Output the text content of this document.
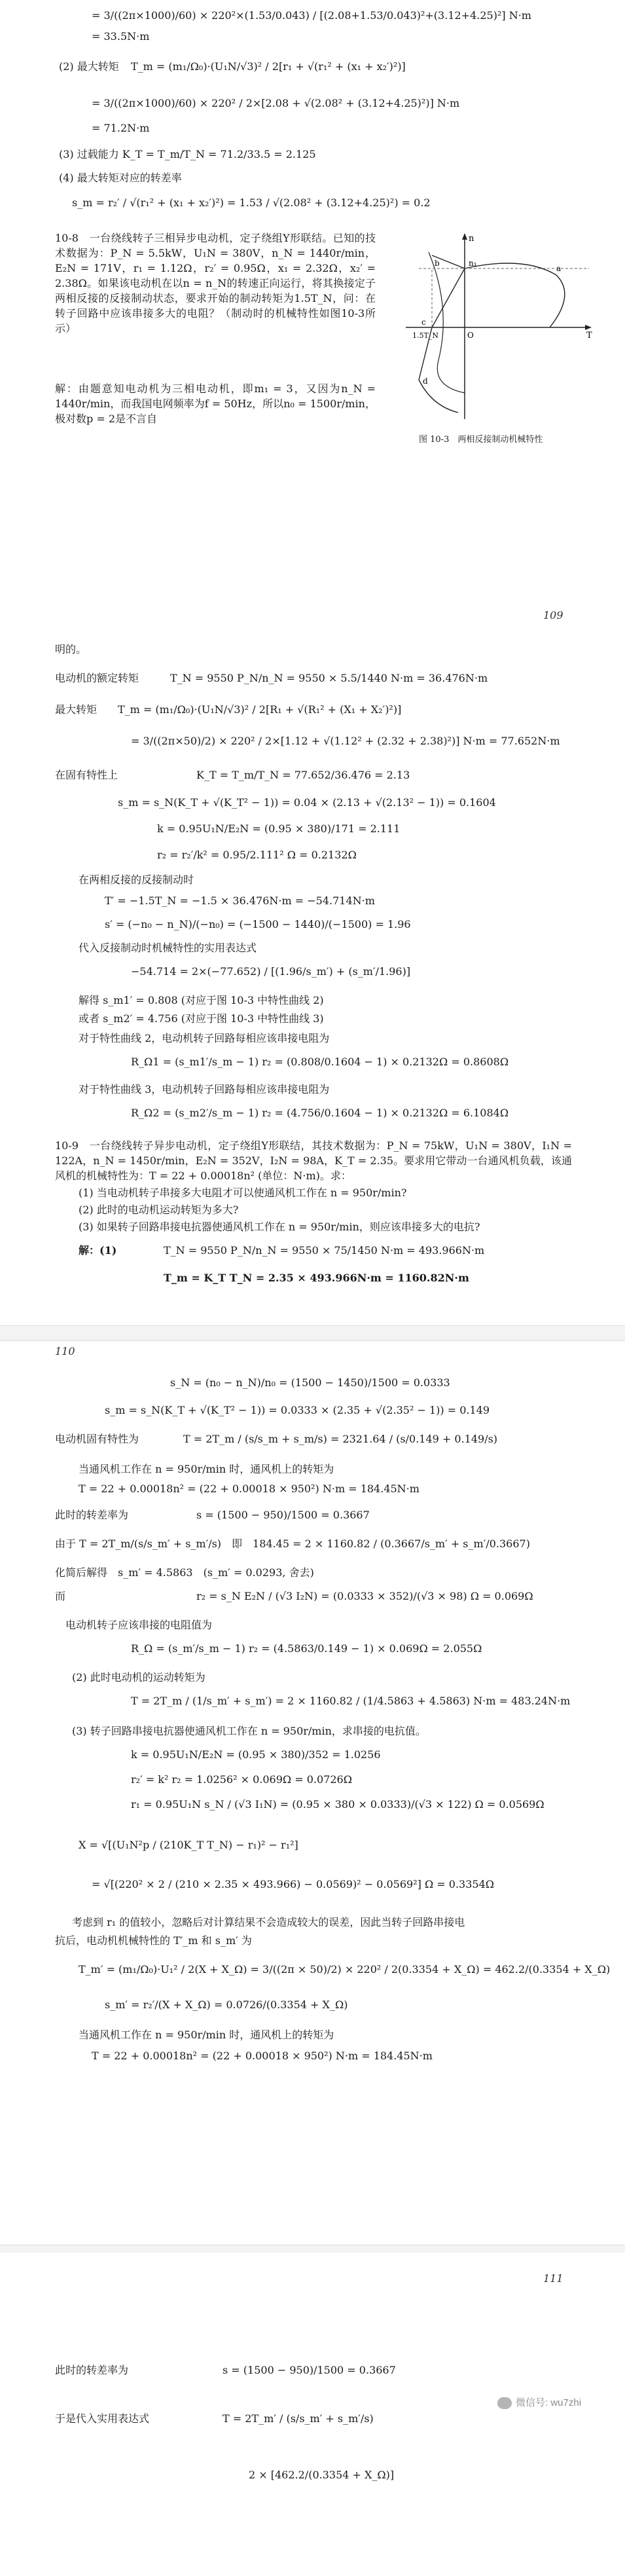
= 3/((2π×1000)/60) × 220²×(1.53/0.043) / [(2.08+1.53/0.043)²+(3.12+4.25)²] N·m
= 33.5N·m
(2) 最大转矩 T_m = (m₁/Ω₀)·(U₁N/√3)² / 2[r₁ + √(r₁² + (x₁ + x₂′)²)]
= 3/((2π×1000)/60) × 220² / 2×[2.08 + √(2.08² + (3.12+4.25)²)] N·m
= 71.2N·m
(3) 过载能力 K_T = T_m/T_N = 71.2/33.5 = 2.125
(4) 最大转矩对应的转差率
s_m = r₂′ / √(r₁² + (x₁ + x₂′)²) = 1.53 / √(2.08² + (3.12+4.25)²) = 0.2
10-8　一台绕线转子三相异步电动机，定子绕组Y形联结。已知的技术数据为：P_N = 5.5kW，U₁N = 380V，n_N = 1440r/min，E₂N = 171V，r₁ = 1.12Ω，r₂′ = 0.95Ω，x₁ = 2.32Ω，x₂′ = 2.38Ω。如果该电动机在以n = n_N的转速正向运行，将其换接定子两相反接的反接制动状态，要求开始的制动转矩为1.5T_N，问：在转子回路中应该串接多大的电阻？（制动时的机械特性如图10-3所示）
解：由题意知电动机为三相电动机，即m₁ = 3，又因为n_N = 1440r/min，而我国电网频率为f = 50Hz，所以n₀ = 1500r/min，极对数p = 2是不言自
n
n₁
T
1.5T_N	O
a
b
c
d
图 10-3　两相反接制动机械特性
109
明的。
电动机的额定转矩	T_N = 9550 P_N/n_N = 9550 × 5.5/1440 N·m = 36.476N·m
最大转矩 T_m = (m₁/Ω₀)·(U₁N/√3)² / 2[R₁ + √(R₁² + (X₁ + X₂′)²)]
= 3/((2π×50)/2) × 220² / 2×[1.12 + √(1.12² + (2.32 + 2.38)²)] N·m = 77.652N·m
在固有特性上	K_T = T_m/T_N = 77.652/36.476 = 2.13
s_m = s_N(K_T + √(K_T² − 1)) = 0.04 × (2.13 + √(2.13² − 1)) = 0.1604
k = 0.95U₁N/E₂N = (0.95 × 380)/171 = 2.111
r₂ = r₂′/k² = 0.95/2.111² Ω = 0.2132Ω
在两相反接的反接制动时
T′ = −1.5T_N = −1.5 × 36.476N·m = −54.714N·m
s′ = (−n₀ − n_N)/(−n₀) = (−1500 − 1440)/(−1500) = 1.96
代入反接制动时机械特性的实用表达式
−54.714 = 2×(−77.652) / [(1.96/s_m′) + (s_m′/1.96)]
解得 s_m1′ = 0.808 (对应于图 10-3 中特性曲线 2)
或者 s_m2′ = 4.756 (对应于图 10-3 中特性曲线 3)
对于特性曲线 2，电动机转子回路每相应该串接电阻为
R_Ω1 = (s_m1′/s_m − 1) r₂ = (0.808/0.1604 − 1) × 0.2132Ω = 0.8608Ω
对于特性曲线 3，电动机转子回路每相应该串接电阻为
R_Ω2 = (s_m2′/s_m − 1) r₂ = (4.756/0.1604 − 1) × 0.2132Ω = 6.1084Ω
10-9　一台绕线转子异步电动机，定子绕组Y形联结，其技术数据为：P_N = 75kW，U₁N = 380V，I₁N = 122A，n_N = 1450r/min，E₂N = 352V，I₂N = 98A，K_T = 2.35。要求用它带动一台通风机负载，该通风机的机械特性为：T = 22 + 0.00018n² (单位：N·m)。求：
(1) 当电动机转子串接多大电阻才可以使通风机工作在 n = 950r/min?
(2) 此时的电动机运动转矩为多大?
(3) 如果转子回路串接电抗器使通风机工作在 n = 950r/min，则应该串接多大的电抗?
解：(1)	T_N = 9550 P_N/n_N = 9550 × 75/1450 N·m = 493.966N·m
T_m = K_T T_N = 2.35 × 493.966N·m = 1160.82N·m
110
s_N = (n₀ − n_N)/n₀ = (1500 − 1450)/1500 = 0.0333
s_m = s_N(K_T + √(K_T² − 1)) = 0.0333 × (2.35 + √(2.35² − 1)) = 0.149
电动机固有特性为	T = 2T_m / (s/s_m + s_m/s) = 2321.64 / (s/0.149 + 0.149/s)
当通风机工作在 n = 950r/min 时，通风机上的转矩为
T = 22 + 0.00018n² = (22 + 0.00018 × 950²) N·m = 184.45N·m
此时的转差率为	s = (1500 − 950)/1500 = 0.3667
由于 T = 2T_m/(s/s_m′ + s_m′/s)　即　184.45 = 2 × 1160.82 / (0.3667/s_m′ + s_m′/0.3667)
化简后解得　s_m′ = 4.5863　(s_m′ = 0.0293, 舍去)
而	r₂ = s_N E₂N / (√3 I₂N) = (0.0333 × 352)/(√3 × 98) Ω = 0.069Ω
电动机转子应该串接的电阻值为
R_Ω = (s_m′/s_m − 1) r₂ = (4.5863/0.149 − 1) × 0.069Ω = 2.055Ω
(2) 此时电动机的运动转矩为
T = 2T_m / (1/s_m′ + s_m′) = 2 × 1160.82 / (1/4.5863 + 4.5863) N·m = 483.24N·m
(3) 转子回路串接电抗器使通风机工作在 n = 950r/min，求串接的电抗值。
k = 0.95U₁N/E₂N = (0.95 × 380)/352 = 1.0256
r₂′ = k² r₂ = 1.0256² × 0.069Ω = 0.0726Ω
r₁ = 0.95U₁N s_N / (√3 I₁N) = (0.95 × 380 × 0.0333)/(√3 × 122) Ω = 0.0569Ω
X = √[(U₁N²p / (210K_T T_N) − r₁)² − r₁²]
= √[(220² × 2 / (210 × 2.35 × 493.966) − 0.0569)² − 0.0569²] Ω = 0.3354Ω
考虑到 r₁ 的值较小，忽略后对计算结果不会造成较大的误差，因此当转子回路串接电
抗后，电动机机械特性的 T′_m 和 s_m′ 为
T_m′ = (m₁/Ω₀)·U₁² / 2(X + X_Ω) = 3/((2π × 50)/2) × 220² / 2(0.3354 + X_Ω) = 462.2/(0.3354 + X_Ω)
s_m′ = r₂′/(X + X_Ω) = 0.0726/(0.3354 + X_Ω)
当通风机工作在 n = 950r/min 时，通风机上的转矩为
T = 22 + 0.00018n² = (22 + 0.00018 × 950²) N·m = 184.45N·m
111
此时的转差率为	s = (1500 − 950)/1500 = 0.3667
于是代入实用表达式	T = 2T_m′ / (s/s_m′ + s_m′/s)
2 × [462.2/(0.3354 + X_Ω)]
微信号: wu7zhi
